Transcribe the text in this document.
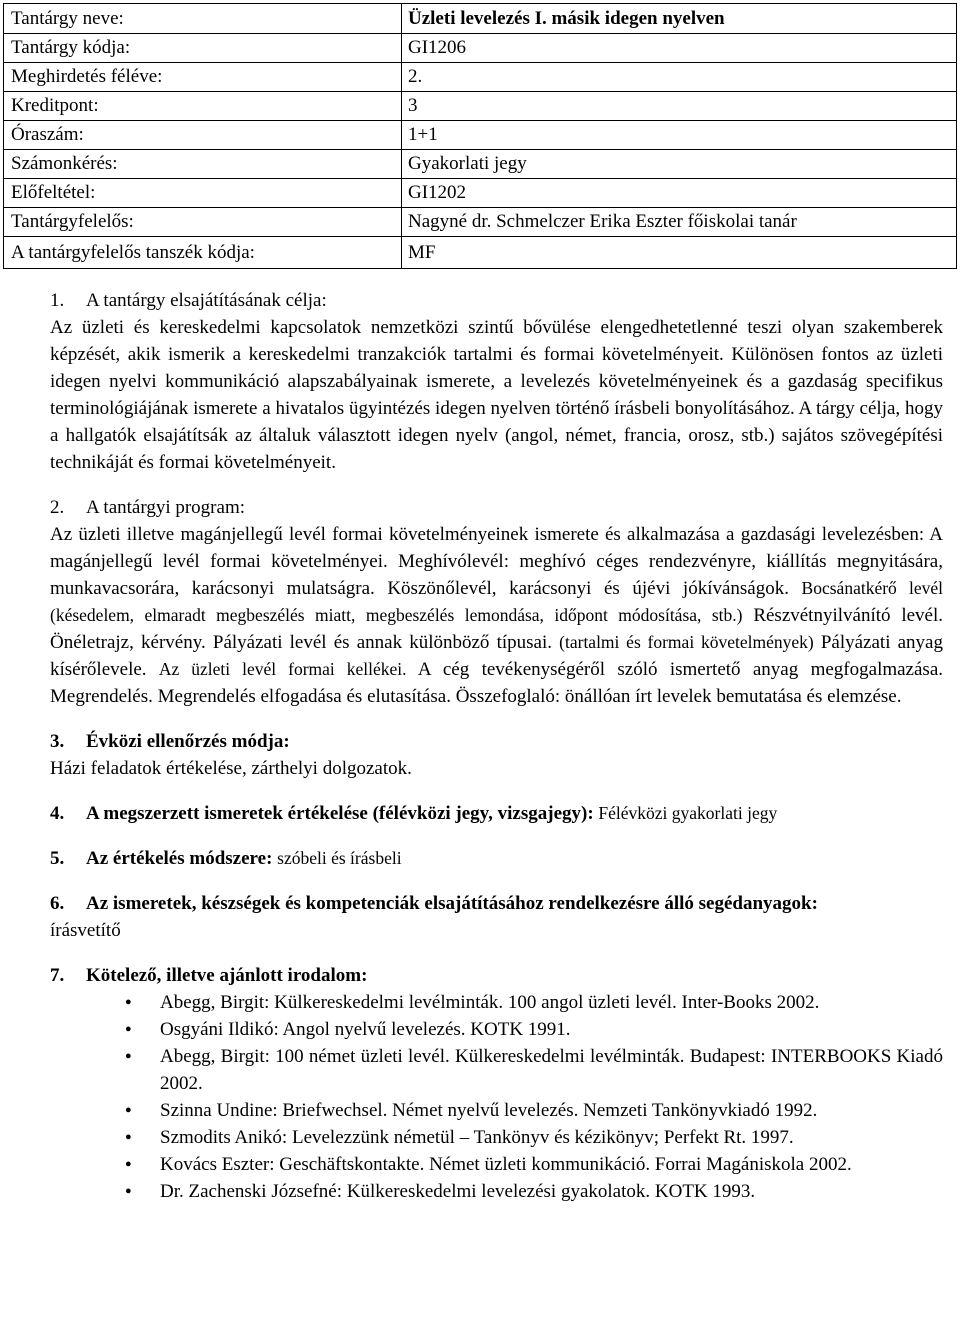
Tantárgy neve:	Üzleti levelezés I. másik idegen nyelven
Tantárgy kódja:	GI1206
Meghirdetés féléve:	2.
Kreditpont:	3
Óraszám:	1+1
Számonkérés:	Gyakorlati jegy
Előfeltétel:	GI1202
Tantárgyfelelős:	Nagyné dr. Schmelczer Erika Eszter főiskolai tanár
A tantárgyfelelős tanszék kódja:	MF
1.	A tantárgy elsajátításának célja:
Az üzleti és kereskedelmi kapcsolatok nemzetközi szintű bővülése elengedhetetlenné teszi olyan szakemberek képzését, akik ismerik a kereskedelmi tranzakciók tartalmi és formai követelményeit. Különösen fontos az üzleti idegen nyelvi kommunikáció alapszabályainak ismerete, a levelezés követelményeinek és a gazdaság specifikus terminológiájának ismerete a hivatalos ügyintézés idegen nyelven történő írásbeli bonyolításához. A tárgy célja, hogy a hallgatók elsajátítsák az általuk választott idegen nyelv (angol, német, francia, orosz, stb.) sajátos szövegépítési technikáját és formai követelményeit.
2.	A tantárgyi program:
Az üzleti illetve magánjellegű levél formai követelményeinek ismerete és alkalmazása a gazdasági levelezésben: A magánjellegű levél formai követelményei. Meghívólevél: meghívó céges rendezvényre, kiállítás megnyitására, munkavacsorára, karácsonyi mulatságra. Köszönőlevél, karácsonyi és újévi jókívánságok. Bocsánatkérő levél (késedelem, elmaradt megbeszélés miatt, megbeszélés lemondása, időpont módosítása, stb.) Részvétnyilvánító levél. Önéletrajz, kérvény. Pályázati levél és annak különböző típusai. (tartalmi és formai követelmények) Pályázati anyag kísérőlevele. Az üzleti levél formai kellékei. A cég tevékenységéről szóló ismertető anyag megfogalmazása. Megrendelés. Megrendelés elfogadása és elutasítása. Összefoglaló: önállóan írt levelek bemutatása és elemzése.
3.	Évközi ellenőrzés módja:
Házi feladatok értékelése, zárthelyi dolgozatok.
4.	A megszerzett ismeretek értékelése (félévközi jegy, vizsgajegy): Félévközi gyakorlati jegy
5.	Az értékelés módszere: szóbeli és írásbeli
6.	Az ismeretek, készségek és kompetenciák elsajátításához rendelkezésre álló segédanyagok:
írásvetítő
7.	Kötelező, illetve ajánlott irodalom:
● Abegg, Birgit: Külkereskedelmi levélminták. 100 angol üzleti levél. Inter-Books 2002.
● Osgyáni Ildikó: Angol nyelvű levelezés. KOTK 1991.
● Abegg, Birgit: 100 német üzleti levél. Külkereskedelmi levélminták. Budapest: INTERBOOKS Kiadó 2002.
● Szinna Undine: Briefwechsel. Német nyelvű levelezés. Nemzeti Tankönyvkiadó 1992.
● Szmodits Anikó: Levelezzünk németül – Tankönyv és kézikönyv; Perfekt Rt. 1997.
● Kovács Eszter: Geschäftskontakte. Német üzleti kommunikáció. Forrai Magániskola 2002.
● Dr. Zachenski Józsefné: Külkereskedelmi levelezési gyakolatok. KOTK 1993.
